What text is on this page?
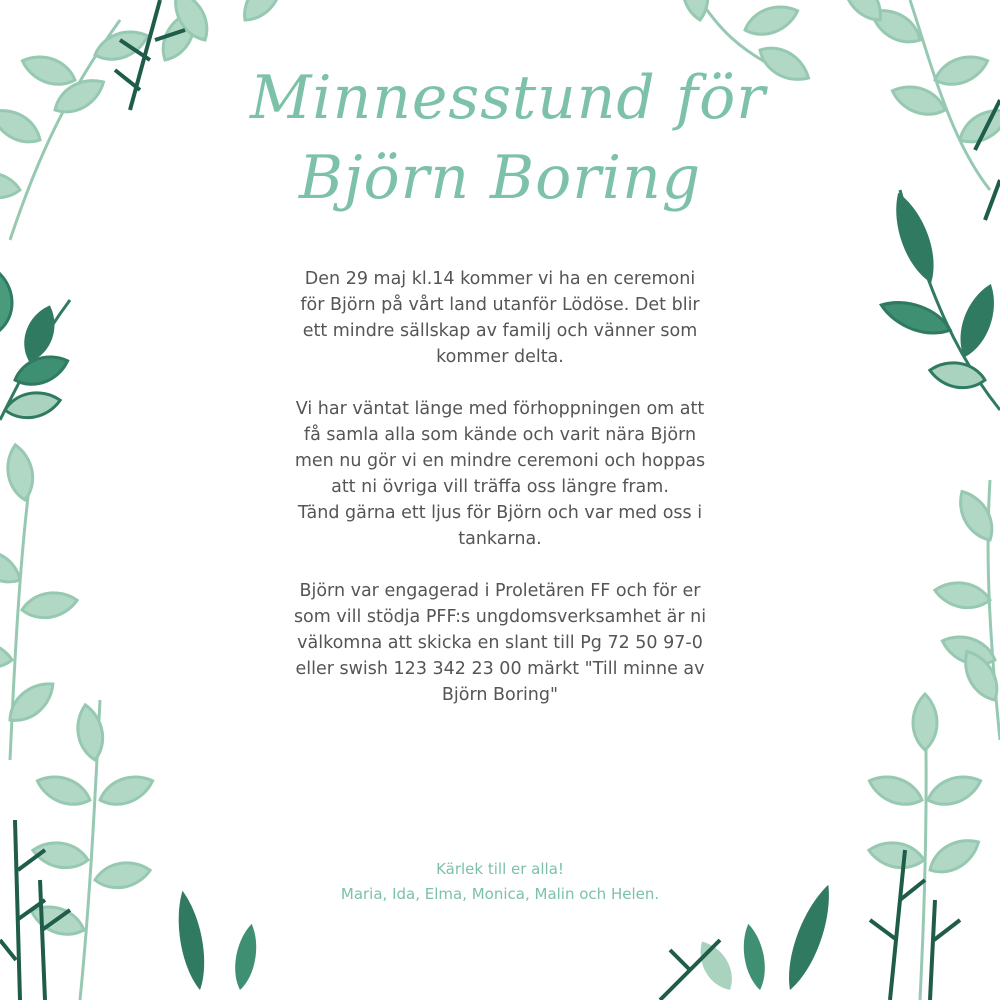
Minnesstund för
Björn Boring

Den 29 maj kl.14 kommer vi ha en ceremoni för Björn på vårt land utanför Lödöse. Det blir ett mindre sällskap av familj och vänner som kommer delta.

Vi har väntat länge med förhoppningen om att få samla alla som kände och varit nära Björn men nu gör vi en mindre ceremoni och hoppas att ni övriga vill träffa oss längre fram.
Tänd gärna ett ljus för Björn och var med oss i tankarna.

Björn var engagerad i Proletären FF och för er som vill stödja PFF:s ungdomsverksamhet är ni välkomna att skicka en slant till Pg 72 50 97-0 eller swish 123 342 23 00 märkt "Till minne av Björn Boring"

Kärlek till er alla!
Maria, Ida, Elma, Monica, Malin och Helen.
